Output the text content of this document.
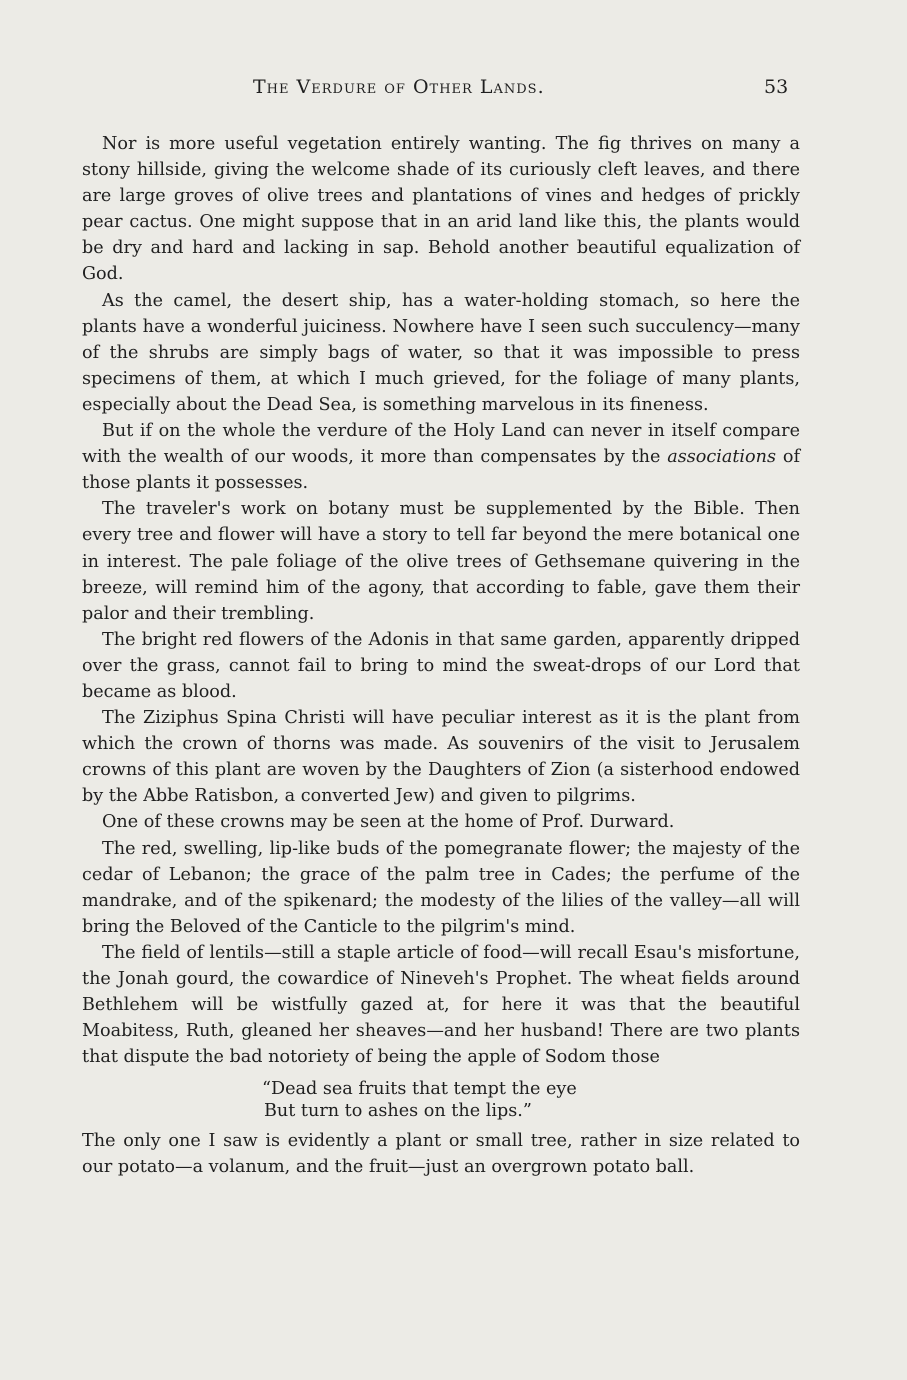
The Verdure of Other Lands.	53

Nor is more useful vegetation entirely wanting. The fig thrives on many a stony hillside, giving the welcome shade of its curiously cleft leaves, and there are large groves of olive trees and plantations of vines and hedges of prickly pear cactus. One might suppose that in an arid land like this, the plants would be dry and hard and lacking in sap. Behold another beautiful equalization of God.

As the camel, the desert ship, has a water-holding stomach, so here the plants have a wonderful juiciness. Nowhere have I seen such succulency—many of the shrubs are simply bags of water, so that it was impossible to press specimens of them, at which I much grieved, for the foliage of many plants, especially about the Dead Sea, is something marvelous in its fineness.

But if on the whole the verdure of the Holy Land can never in itself compare with the wealth of our woods, it more than compensates by the associations of those plants it possesses.

The traveler's work on botany must be supplemented by the Bible. Then every tree and flower will have a story to tell far beyond the mere botanical one in interest. The pale foliage of the olive trees of Gethsemane quivering in the breeze, will remind him of the agony, that according to fable, gave them their palor and their trembling.

The bright red flowers of the Adonis in that same garden, apparently dripped over the grass, cannot fail to bring to mind the sweat-drops of our Lord that became as blood.

The Ziziphus Spina Christi will have peculiar interest as it is the plant from which the crown of thorns was made. As souvenirs of the visit to Jerusalem crowns of this plant are woven by the Daughters of Zion (a sisterhood endowed by the Abbe Ratisbon, a converted Jew) and given to pilgrims.

One of these crowns may be seen at the home of Prof. Durward.

The red, swelling, lip-like buds of the pomegranate flower; the majesty of the cedar of Lebanon; the grace of the palm tree in Cades; the perfume of the mandrake, and of the spikenard; the modesty of the lilies of the valley—all will bring the Beloved of the Canticle to the pilgrim's mind.

The field of lentils—still a staple article of food—will recall Esau's misfortune, the Jonah gourd, the cowardice of Nineveh's Prophet. The wheat fields around Bethlehem will be wistfully gazed at, for here it was that the beautiful Moabitess, Ruth, gleaned her sheaves—and her husband! There are two plants that dispute the bad notoriety of being the apple of Sodom those

“Dead sea fruits that tempt the eye
But turn to ashes on the lips.”

The only one I saw is evidently a plant or small tree, rather in size related to our potato—a volanum, and the fruit—just an overgrown potato ball.
